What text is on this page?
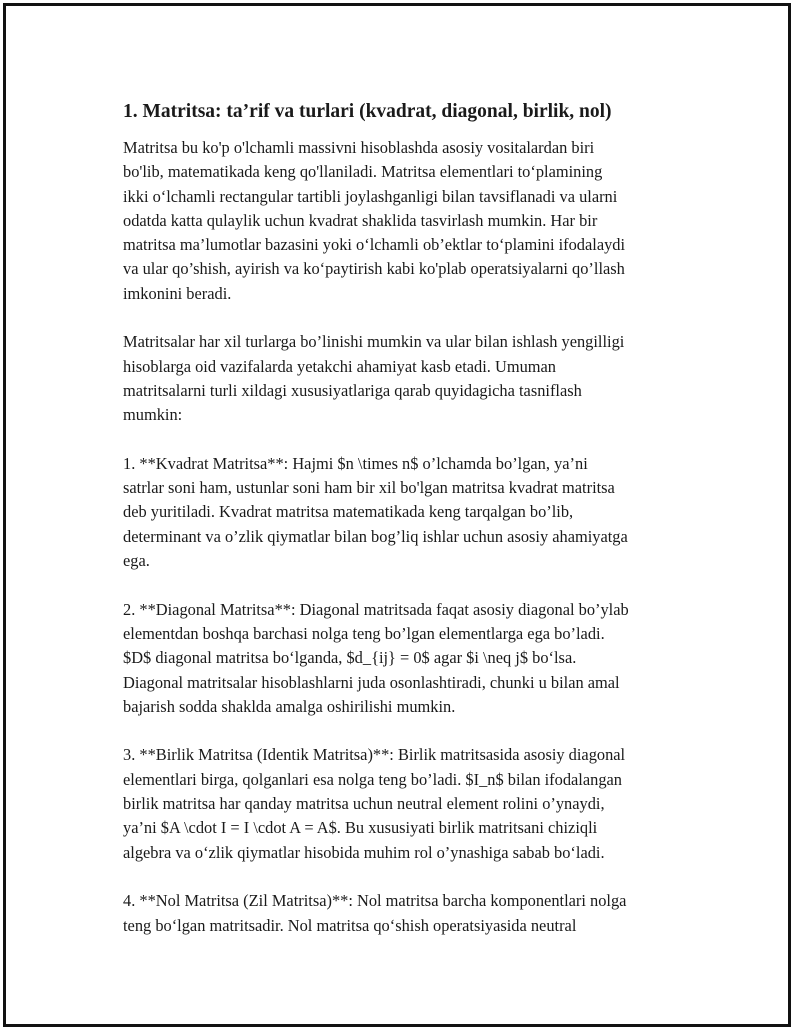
1. Matritsa: ta’rif va turlari (kvadrat, diagonal, birlik, nol)
Matritsa bu ko'p o'lchamli massivni hisoblashda asosiy vositalardan biri
bo'lib, matematikada keng qo'llaniladi. Matritsa elementlari to‘plamining
ikki o‘lchamli rectangular tartibli joylashganligi bilan tavsiflanadi va ularni
odatda katta qulaylik uchun kvadrat shaklida tasvirlash mumkin. Har bir
matritsa ma’lumotlar bazasini yoki o‘lchamli ob’ektlar to‘plamini ifodalaydi
va ular qo’shish, ayirish va ko‘paytirish kabi ko'plab operatsiyalarni qo’llash
imkonini beradi.
Matritsalar har xil turlarga bo’linishi mumkin va ular bilan ishlash yengilligi
hisoblarga oid vazifalarda yetakchi ahamiyat kasb etadi. Umuman
matritsalarni turli xildagi xususiyatlariga qarab quyidagicha tasniflash
mumkin:
1. **Kvadrat Matritsa**: Hajmi $n \times n$ o’lchamda bo’lgan, ya’ni
satrlar soni ham, ustunlar soni ham bir xil bo'lgan matritsa kvadrat matritsa
deb yuritiladi. Kvadrat matritsa matematikada keng tarqalgan bo’lib,
determinant va o’zlik qiymatlar bilan bog’liq ishlar uchun asosiy ahamiyatga
ega.
2. **Diagonal Matritsa**: Diagonal matritsada faqat asosiy diagonal bo’ylab
elementdan boshqa barchasi nolga teng bo’lgan elementlarga ega bo’ladi.
$D$ diagonal matritsa bo‘lganda, $d_{ij} = 0$ agar $i \neq j$ bo‘lsa.
Diagonal matritsalar hisoblashlarni juda osonlashtiradi, chunki u bilan amal
bajarish sodda shaklda amalga oshirilishi mumkin.
3. **Birlik Matritsa (Identik Matritsa)**: Birlik matritsasida asosiy diagonal
elementlari birga, qolganlari esa nolga teng bo’ladi. $I_n$ bilan ifodalangan
birlik matritsa har qanday matritsa uchun neutral element rolini o’ynaydi,
ya’ni $A \cdot I = I \cdot A = A$. Bu xususiyati birlik matritsani chiziqli
algebra va o‘zlik qiymatlar hisobida muhim rol o’ynashiga sabab bo‘ladi.
4. **Nol Matritsa (Zil Matritsa)**: Nol matritsa barcha komponentlari nolga
teng bo‘lgan matritsadir. Nol matritsa qo‘shish operatsiyasida neutral
